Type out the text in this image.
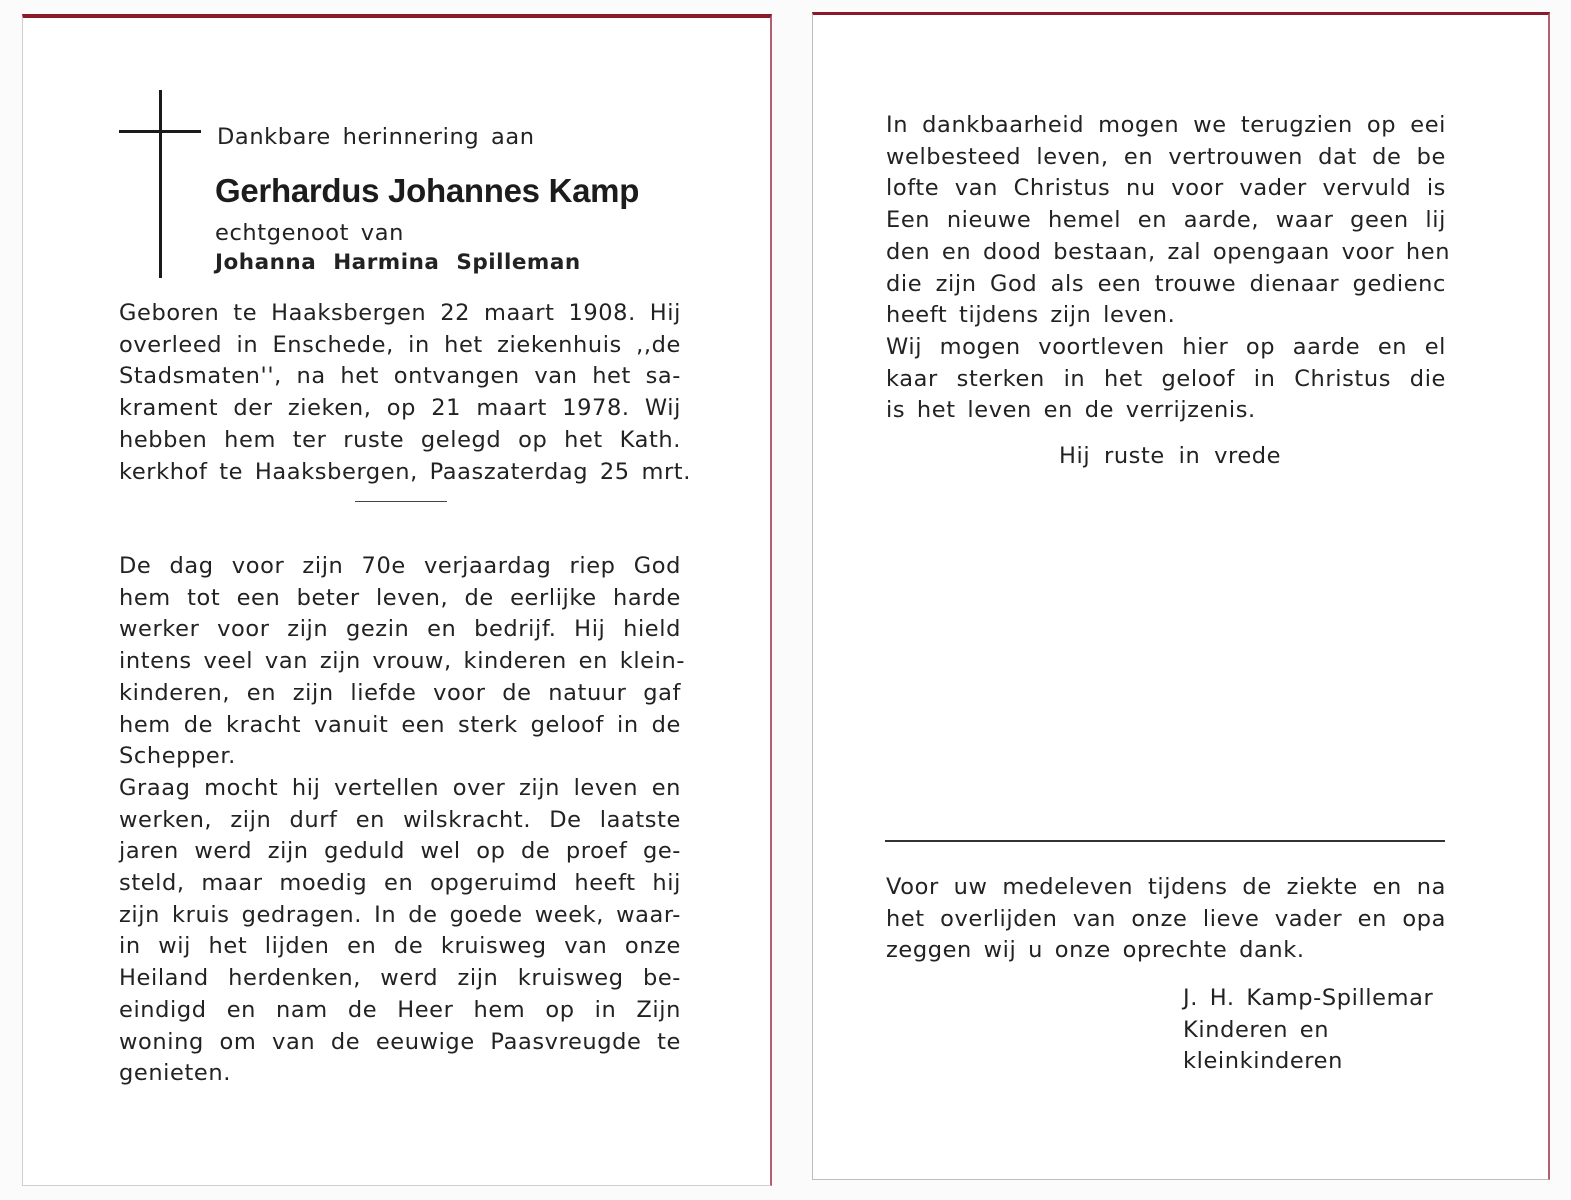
Dankbare herinnering aan

Gerhardus Johannes Kamp

echtgenoot van

Johanna Harmina Spilleman

Geboren te Haaksbergen 22 maart 1908. Hij
overleed in Enschede, in het ziekenhuis ,,de
Stadsmaten'', na het ontvangen van het sa-
krament der zieken, op 21 maart 1978. Wij
hebben hem ter ruste gelegd op het Kath.
kerkhof te Haaksbergen, Paaszaterdag 25 mrt.
De dag voor zijn 70e verjaardag riep God
hem tot een beter leven, de eerlijke harde
werker voor zijn gezin en bedrijf. Hij hield
intens veel van zijn vrouw, kinderen en klein-
kinderen, en zijn liefde voor de natuur gaf
hem de kracht vanuit een sterk geloof in de
Schepper.
Graag mocht hij vertellen over zijn leven en
werken, zijn durf en wilskracht. De laatste
jaren werd zijn geduld wel op de proef ge-
steld, maar moedig en opgeruimd heeft hij
zijn kruis gedragen. In de goede week, waar-
in wij het lijden en de kruisweg van onze
Heiland herdenken, werd zijn kruisweg be-
eindigd en nam de Heer hem op in Zijn
woning om van de eeuwige Paasvreugde te
genieten.
In dankbaarheid mogen we terugzien op eei
welbesteed leven, en vertrouwen dat de be
lofte van Christus nu voor vader vervuld is
Een nieuwe hemel en aarde, waar geen lij
den en dood bestaan, zal opengaan voor hen
die zijn God als een trouwe dienaar gedienc
heeft tijdens zijn leven.
Wij mogen voortleven hier op aarde en el
kaar sterken in het geloof in Christus die
is het leven en de verrijzenis.

Hij ruste in vrede

Voor uw medeleven tijdens de ziekte en na
het overlijden van onze lieve vader en opa
zeggen wij u onze oprechte dank.
J. H. Kamp-Spillemar
Kinderen en
kleinkinderen
